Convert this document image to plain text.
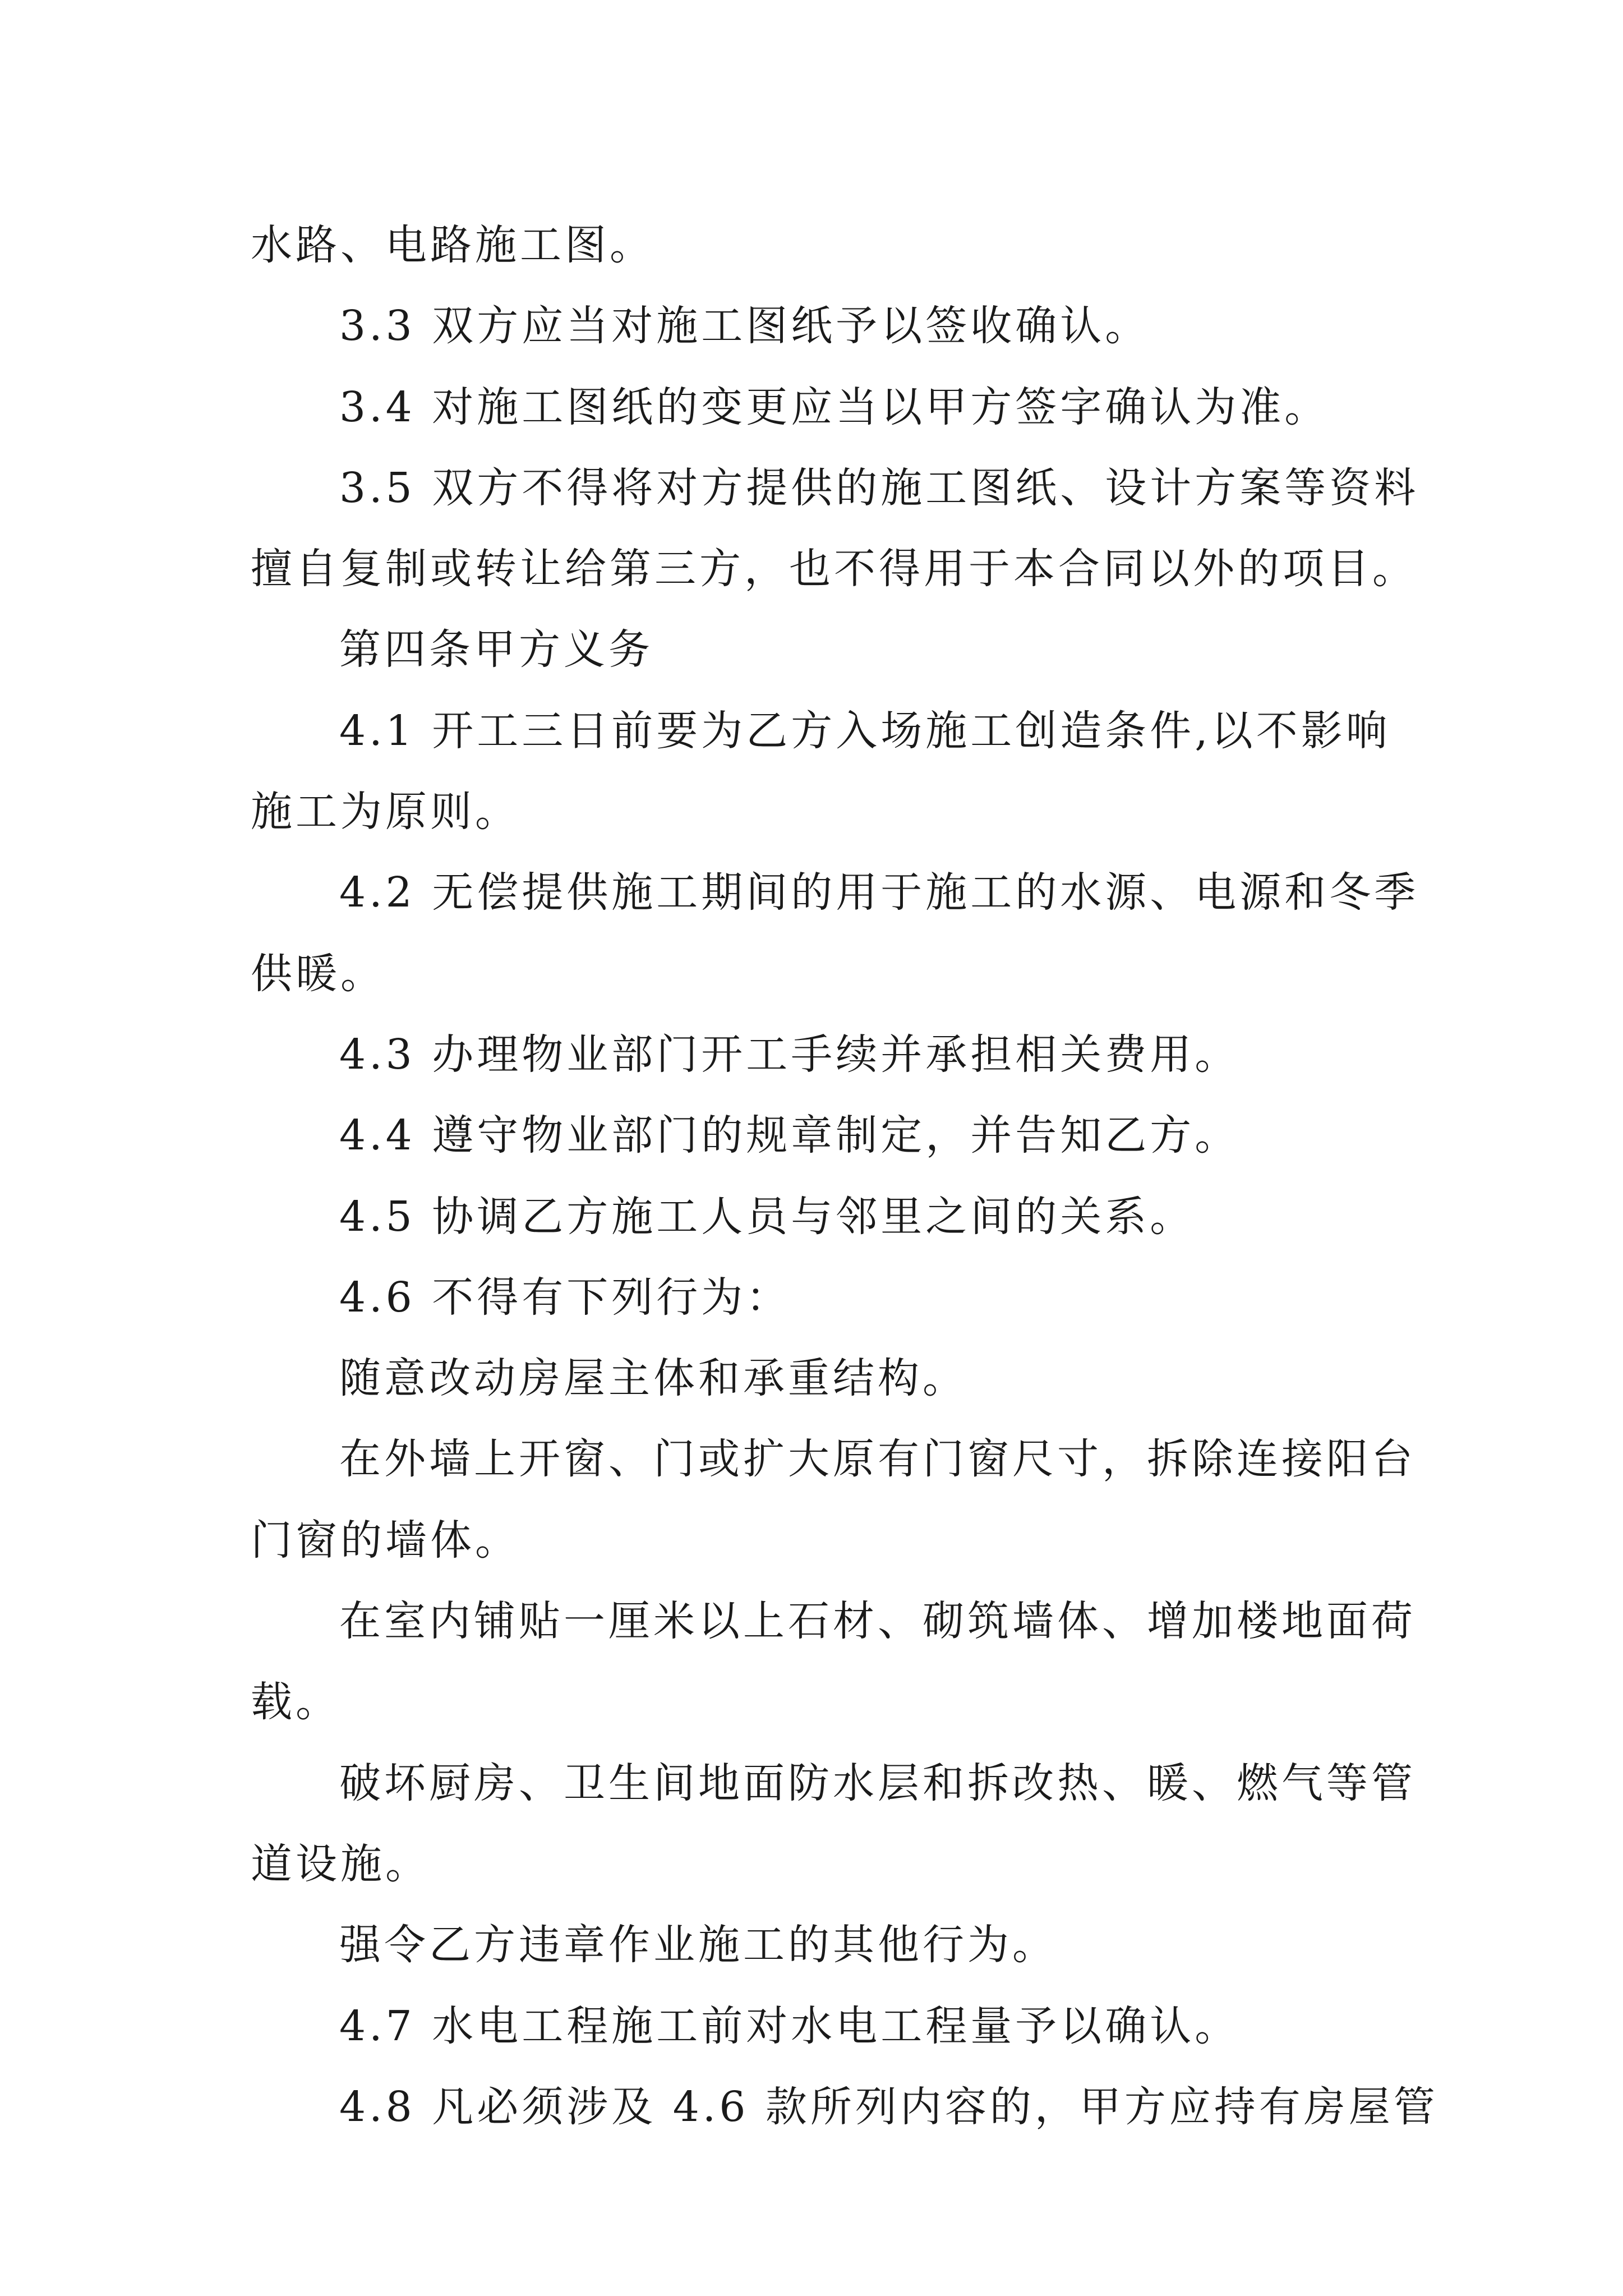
水路、电路施工图。
3.3 双方应当对施工图纸予以签收确认。
3.4 对施工图纸的变更应当以甲方签字确认为准。
3.5 双方不得将对方提供的施工图纸、设计方案等资料
擅自复制或转让给第三方，也不得用于本合同以外的项目。
第四条甲方义务
4.1 开工三日前要为乙方入场施工创造条件,以不影响
施工为原则。
4.2 无偿提供施工期间的用于施工的水源、电源和冬季
供暖。
4.3 办理物业部门开工手续并承担相关费用。
4.4 遵守物业部门的规章制定，并告知乙方。
4.5 协调乙方施工人员与邻里之间的关系。
4.6 不得有下列行为：
随意改动房屋主体和承重结构。
在外墙上开窗、门或扩大原有门窗尺寸，拆除连接阳台
门窗的墙体。
在室内铺贴一厘米以上石材、砌筑墙体、增加楼地面荷
载。
破坏厨房、卫生间地面防水层和拆改热、暖、燃气等管
道设施。
强令乙方违章作业施工的其他行为。
4.7 水电工程施工前对水电工程量予以确认。
4.8 凡必须涉及 4.6 款所列内容的，甲方应持有房屋管
